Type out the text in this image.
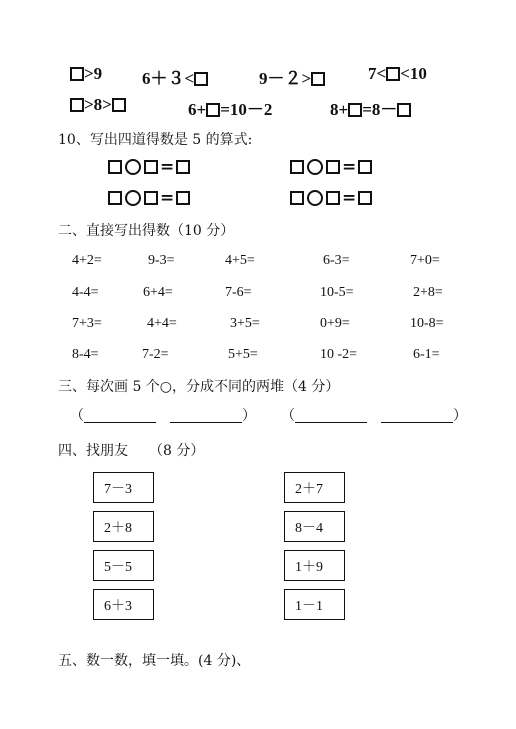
>9 6＋３<	9－２>	7< <10
>8>	6+ =10－2	8+ =8－
10、写出四道得数是 5 的算式:
=	=
=	=
二、直接写出得数（10 分）
4+2=	9-3=	4+5=	6-3=	7+0=
4-4=	6+4=	7-6=	10-5=	2+8=
7+3=	4+4=	3+5=	0+9=	10-8=
8-4=	7-2=	5+5=	10 -2=	6-1=
三、每次画 5 个○，分成不同的两堆（4 分）
（	） （	）
四、找朋友　　（8 分）
7－3
2＋8
5－5
6＋3
2＋7
8－4
1＋9
1－1
五、数一数，填一填。(4 分)、
